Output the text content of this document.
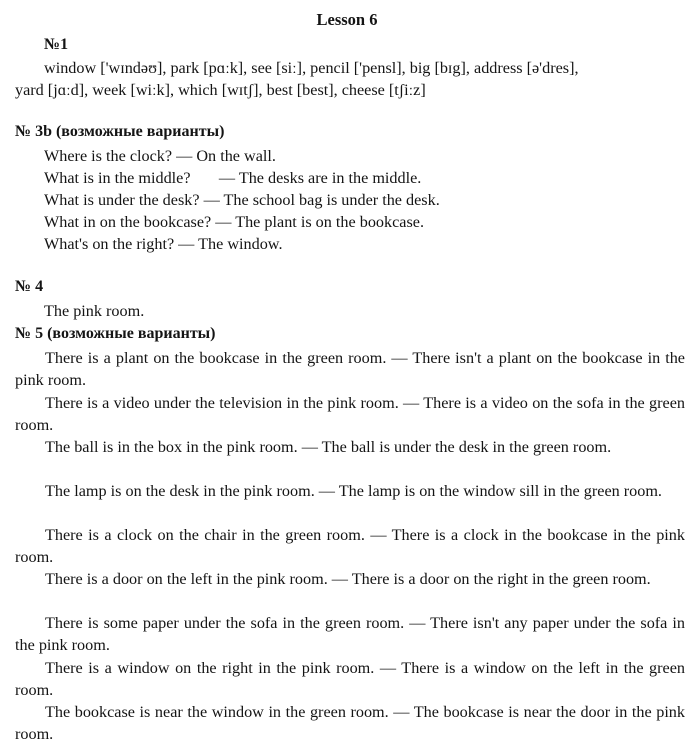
Lesson 6
№1
window ['wɪndəʊ], park [pɑːk], see [siː], pencil ['pensl], big [bɪg], address [ə'dres],
yard [jɑːd], week [wiːk], which [wɪtʃ], best [best], cheese [tʃiːz]
№ 3b (возможные варианты)
Where is the clock? — On the wall.
What is in the middle?       — The desks are in the middle.
What is under the desk? — The school bag is under the desk.
What in on the bookcase? — The plant is on the bookcase.
What's on the right? — The window.
№ 4
The pink room.
№ 5 (возможные варианты)
There is a plant on the bookcase in the green room. — There isn't a plant on the bookcase in the pink room.
There is a video under the television in the pink room. — There is a video on the sofa in the green room.
The ball is in the box in the pink room. — The ball is under the desk in the green room.
The lamp is on the desk in the pink room. — The lamp is on the window sill in the green room.
There is a clock on the chair in the green room. — There is a clock in the bookcase in the pink room.
There is a door on the left in the pink room. — There is a door on the right in the green room.
There is some paper under the sofa in the green room. — There isn't any paper under the sofa in the pink room.
There is a window on the right in the pink room. — There is a window on the left in the green room.
The bookcase is near the window in the green room. — The bookcase is near the door in the pink room.
